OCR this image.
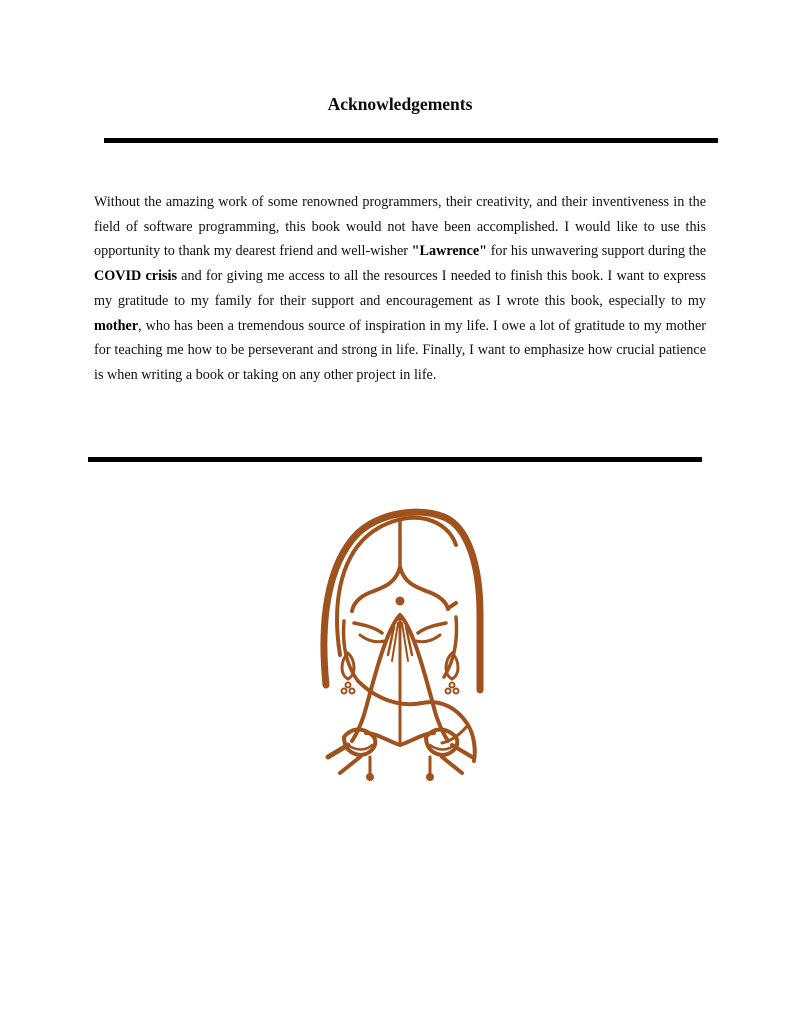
Acknowledgements

Without the amazing work of some renowned programmers, their creativity, and their inventiveness in the field of software programming, this book would not have been accomplished. I would like to use this opportunity to thank my dearest friend and well-wisher "Lawrence" for his unwavering support during the COVID crisis and for giving me access to all the resources I needed to finish this book. I want to express my gratitude to my family for their support and encouragement as I wrote this book, especially to my mother, who has been a tremendous source of inspiration in my life. I owe a lot of gratitude to my mother for teaching me how to be perseverant and strong in life. Finally, I want to emphasize how crucial patience is when writing a book or taking on any other project in life.
